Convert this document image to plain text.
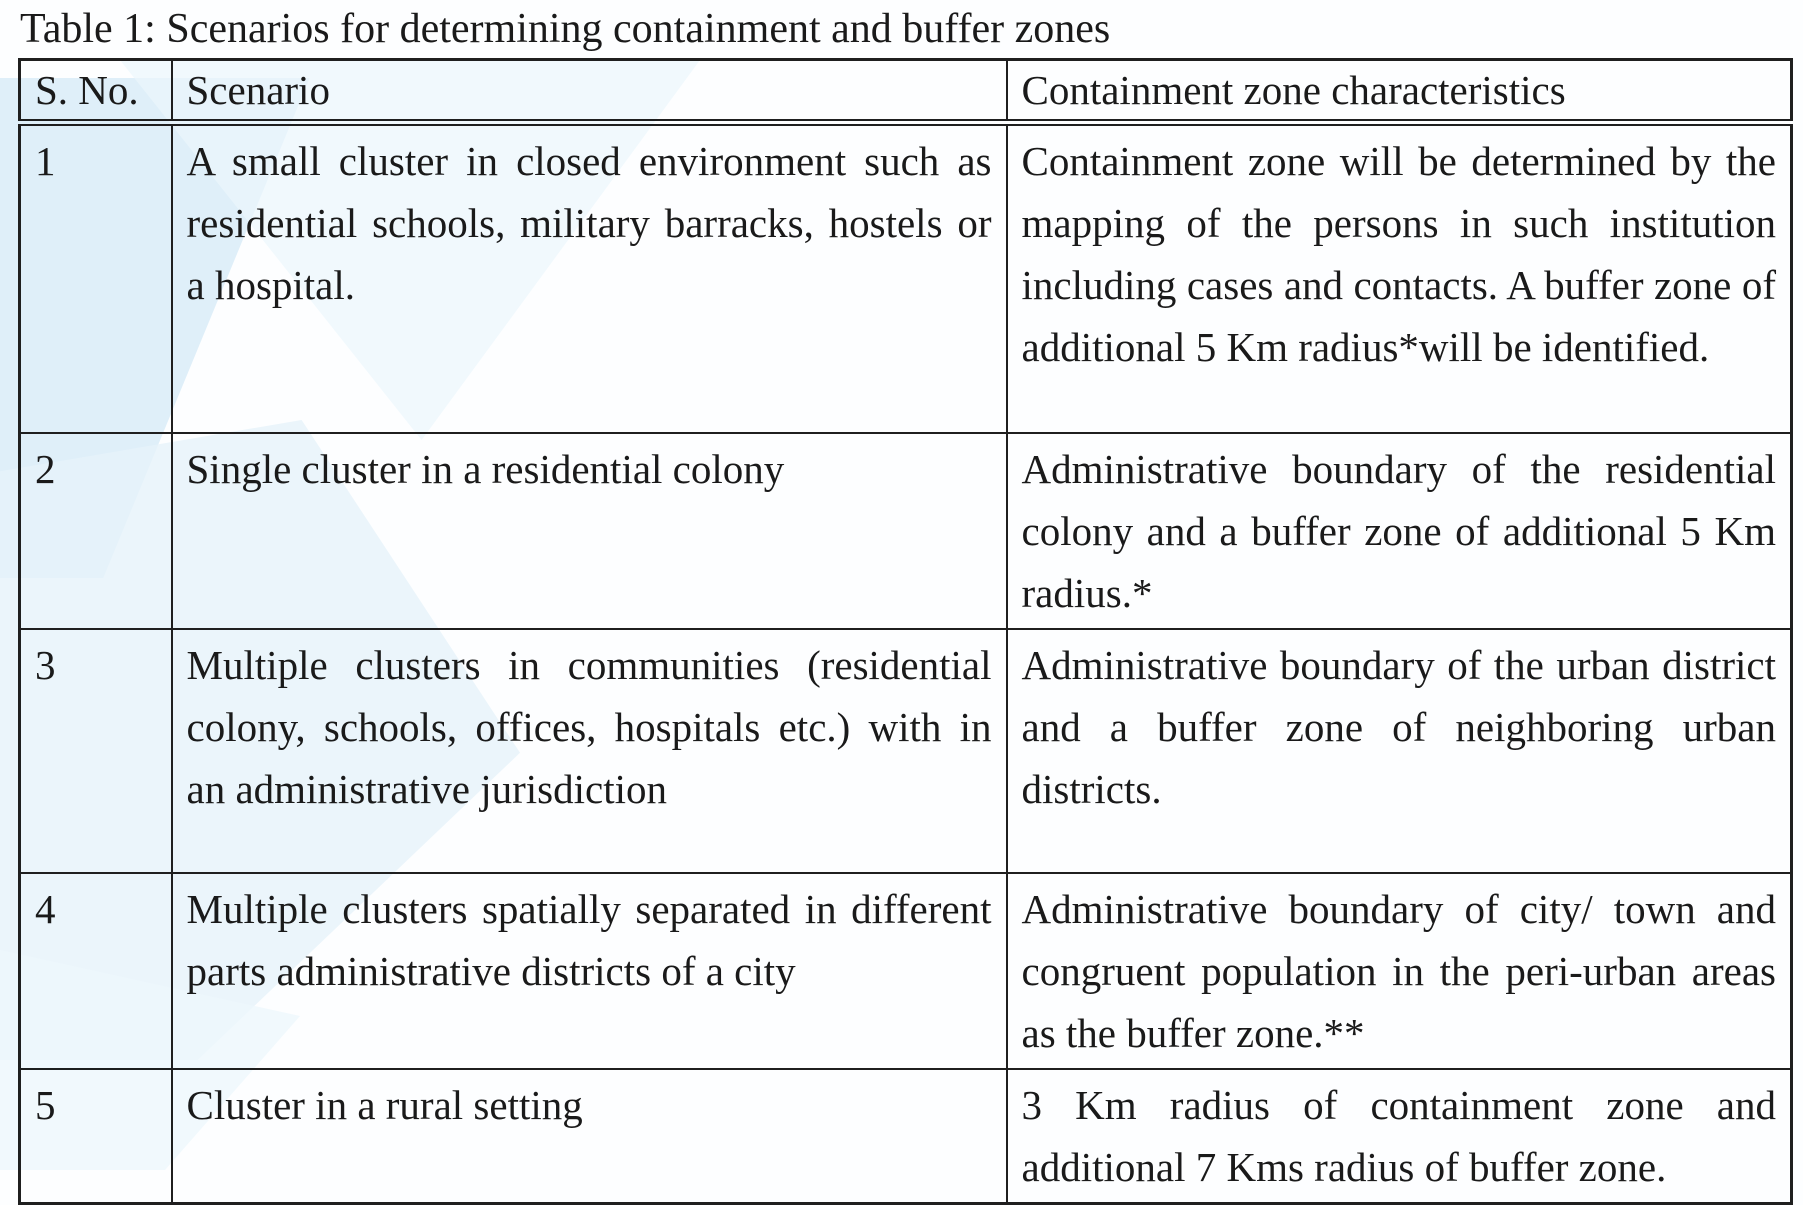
Table 1: Scenarios for determining containment and buffer zones
S. No.	Scenario	Containment zone characteristics
1	A small cluster in closed environment such as residential schools, military barracks, hostels or a hospital.	Containment zone will be determined by the mapping of the persons in such institution including cases and contacts. A buffer zone of additional 5 Km radius*will be identified.
2	Single cluster in a residential colony	Administrative boundary of the residential colony and a buffer zone of additional 5 Km radius.*
3	Multiple clusters in communities (residential colony, schools, offices, hospitals etc.) with in an administrative jurisdiction	Administrative boundary of the urban district and a buffer zone of neighboring urban districts.
4	Multiple clusters spatially separated in different parts administrative districts of a city	Administrative boundary of city/ town and congruent population in the peri-urban areas as the buffer zone.**
5	Cluster in a rural setting	3 Km radius of containment zone and additional 7 Kms radius of buffer zone.
